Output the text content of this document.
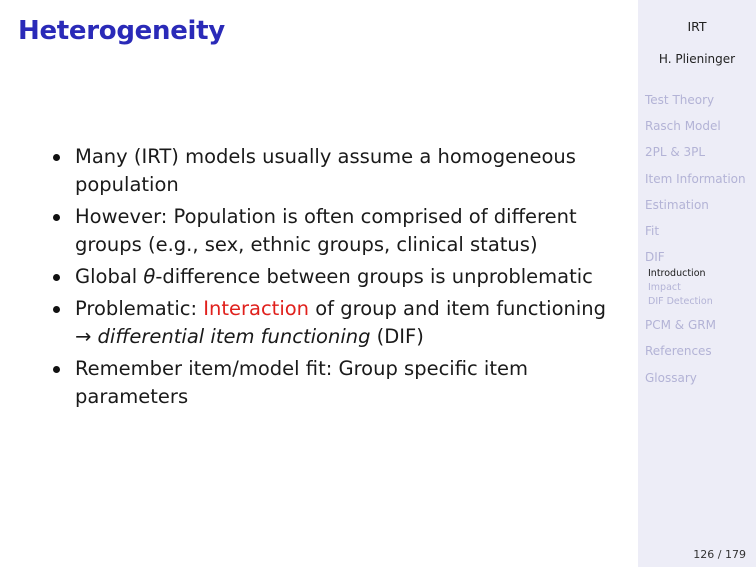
Heterogeneity
Many (IRT) models usually assume a homogeneous population
However: Population is often comprised of different groups (e.g., sex, ethnic groups, clinical status)
Global θ-difference between groups is unproblematic
Problematic: Interaction of group and item functioning
→ differential item functioning (DIF)
Remember item/model fit: Group specific item parameters
IRT
H. Plieninger
Test Theory
Rasch Model
2PL & 3PL
Item Information
Estimation
Fit
DIF
Introduction
Impact
DIF Detection
PCM & GRM
References
Glossary
126 / 179
